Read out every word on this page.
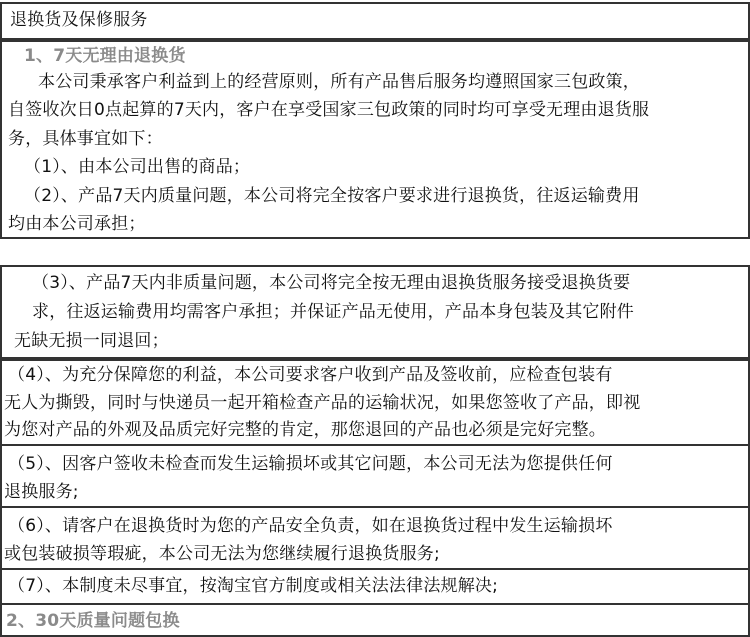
退换货及保修服务
1、7天无理由退换货
本公司秉承客户利益到上的经营原则，所有产品售后服务均遵照国家三包政策，
自签收次日0点起算的7天内，客户在享受国家三包政策的同时均可享受无理由退货服
务，具体事宜如下：
（1）、由本公司出售的商品；
（2）、产品7天内质量问题，本公司将完全按客户要求进行退换货，往返运输费用
均由本公司承担；
（3）、产品7天内非质量问题，本公司将完全按无理由退换货服务接受退换货要
求，往返运输费用均需客户承担；并保证产品无使用，产品本身包装及其它附件
无缺无损一同退回；
（4）、为充分保障您的利益，本公司要求客户收到产品及签收前，应检查包装有
无人为撕毁，同时与快递员一起开箱检查产品的运输状况，如果您签收了产品，即视
为您对产品的外观及品质完好完整的肯定，那您退回的产品也必须是完好完整。
（5）、因客户签收未检查而发生运输损坏或其它问题，本公司无法为您提供任何
退换服务;
（6）、请客户在退换货时为您的产品安全负责，如在退换货过程中发生运输损坏
或包装破损等瑕疵，本公司无法为您继续履行退换货服务;
（7）、本制度未尽事宜，按淘宝官方制度或相关法法律法规解决;
2、30天质量问题包换
